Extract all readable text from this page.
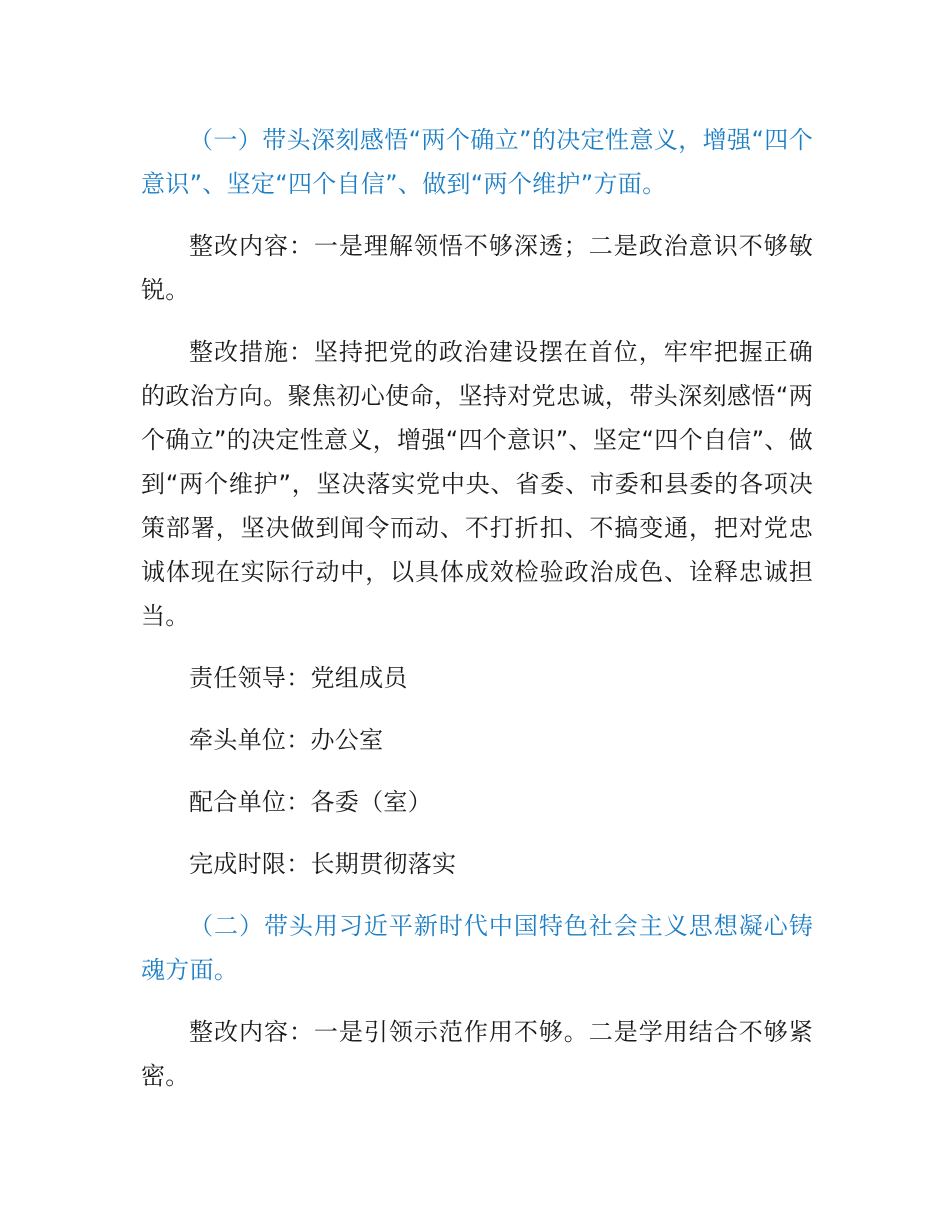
（一）带头深刻感悟“两个确立”的决定性意义，增强“四个意识”、坚定“四个自信”、做到“两个维护”方面。

整改内容：一是理解领悟不够深透；二是政治意识不够敏锐。

整改措施：坚持把党的政治建设摆在首位，牢牢把握正确的政治方向。聚焦初心使命，坚持对党忠诚，带头深刻感悟“两个确立”的决定性意义，增强“四个意识”、坚定“四个自信”、做到“两个维护”，坚决落实党中央、省委、市委和县委的各项决策部署，坚决做到闻令而动、不打折扣、不搞变通，把对党忠诚体现在实际行动中，以具体成效检验政治成色、诠释忠诚担当。

责任领导：党组成员

牵头单位：办公室

配合单位：各委（室）

完成时限：长期贯彻落实

（二）带头用习近平新时代中国特色社会主义思想凝心铸魂方面。

整改内容：一是引领示范作用不够。二是学用结合不够紧密。
